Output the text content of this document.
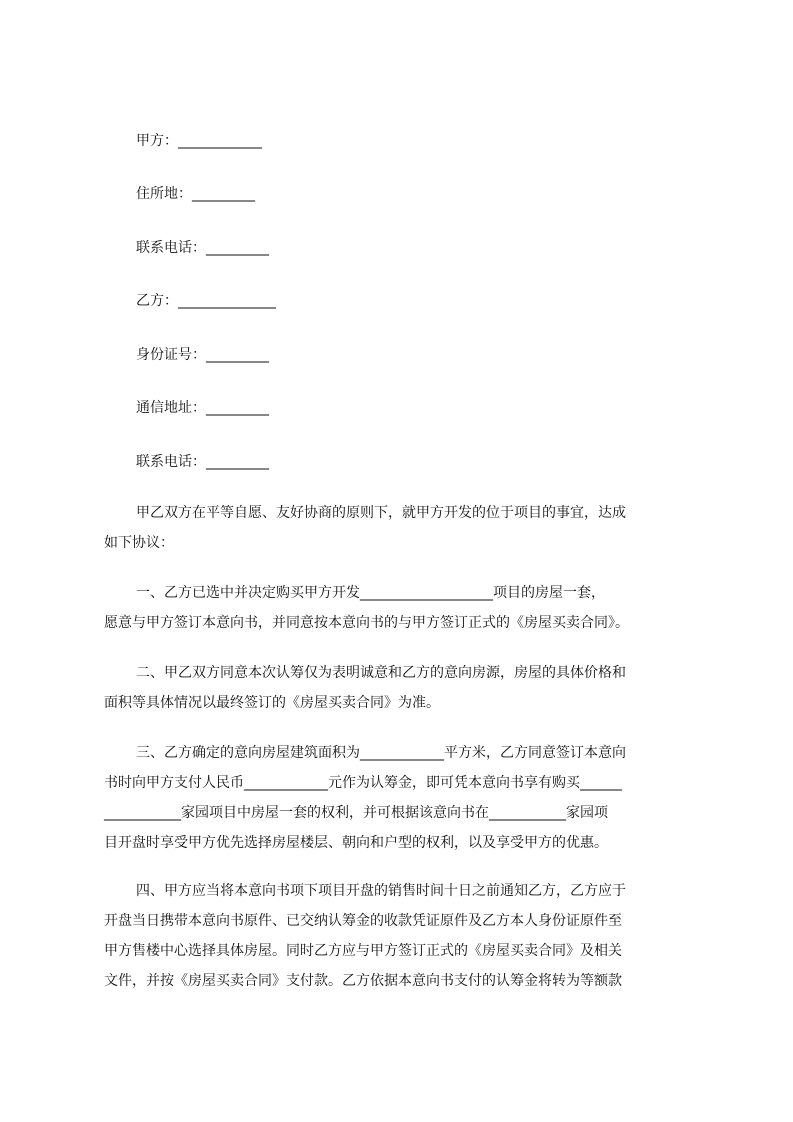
甲方：____________
住所地：_________
联系电话：_________
乙方：______________
身份证号：_________
通信地址：_________
联系电话：_________
甲乙双方在平等自愿、友好协商的原则下，就甲方开发的位于项目的事宜，达成
如下协议：
一、乙方已选中并决定购买甲方开发___________________项目的房屋一套，
愿意与甲方签订本意向书，并同意按本意向书的与甲方签订正式的《房屋买卖合同》。
二、甲乙双方同意本次认筹仅为表明诚意和乙方的意向房源，房屋的具体价格和
面积等具体情况以最终签订的《房屋买卖合同》为准。
三、乙方确定的意向房屋建筑面积为____________平方米，乙方同意签订本意向
书时向甲方支付人民币____________元作为认筹金，即可凭本意向书享有购买______
___________家园项目中房屋一套的权利，并可根据该意向书在___________家园项
目开盘时享受甲方优先选择房屋楼层、朝向和户型的权利，以及享受甲方的优惠。
四、甲方应当将本意向书项下项目开盘的销售时间十日之前通知乙方，乙方应于
开盘当日携带本意向书原件、已交纳认筹金的收款凭证原件及乙方本人身份证原件至
甲方售楼中心选择具体房屋。同时乙方应与甲方签订正式的《房屋买卖合同》及相关
文件，并按《房屋买卖合同》支付款。乙方依据本意向书支付的认筹金将转为等额款
